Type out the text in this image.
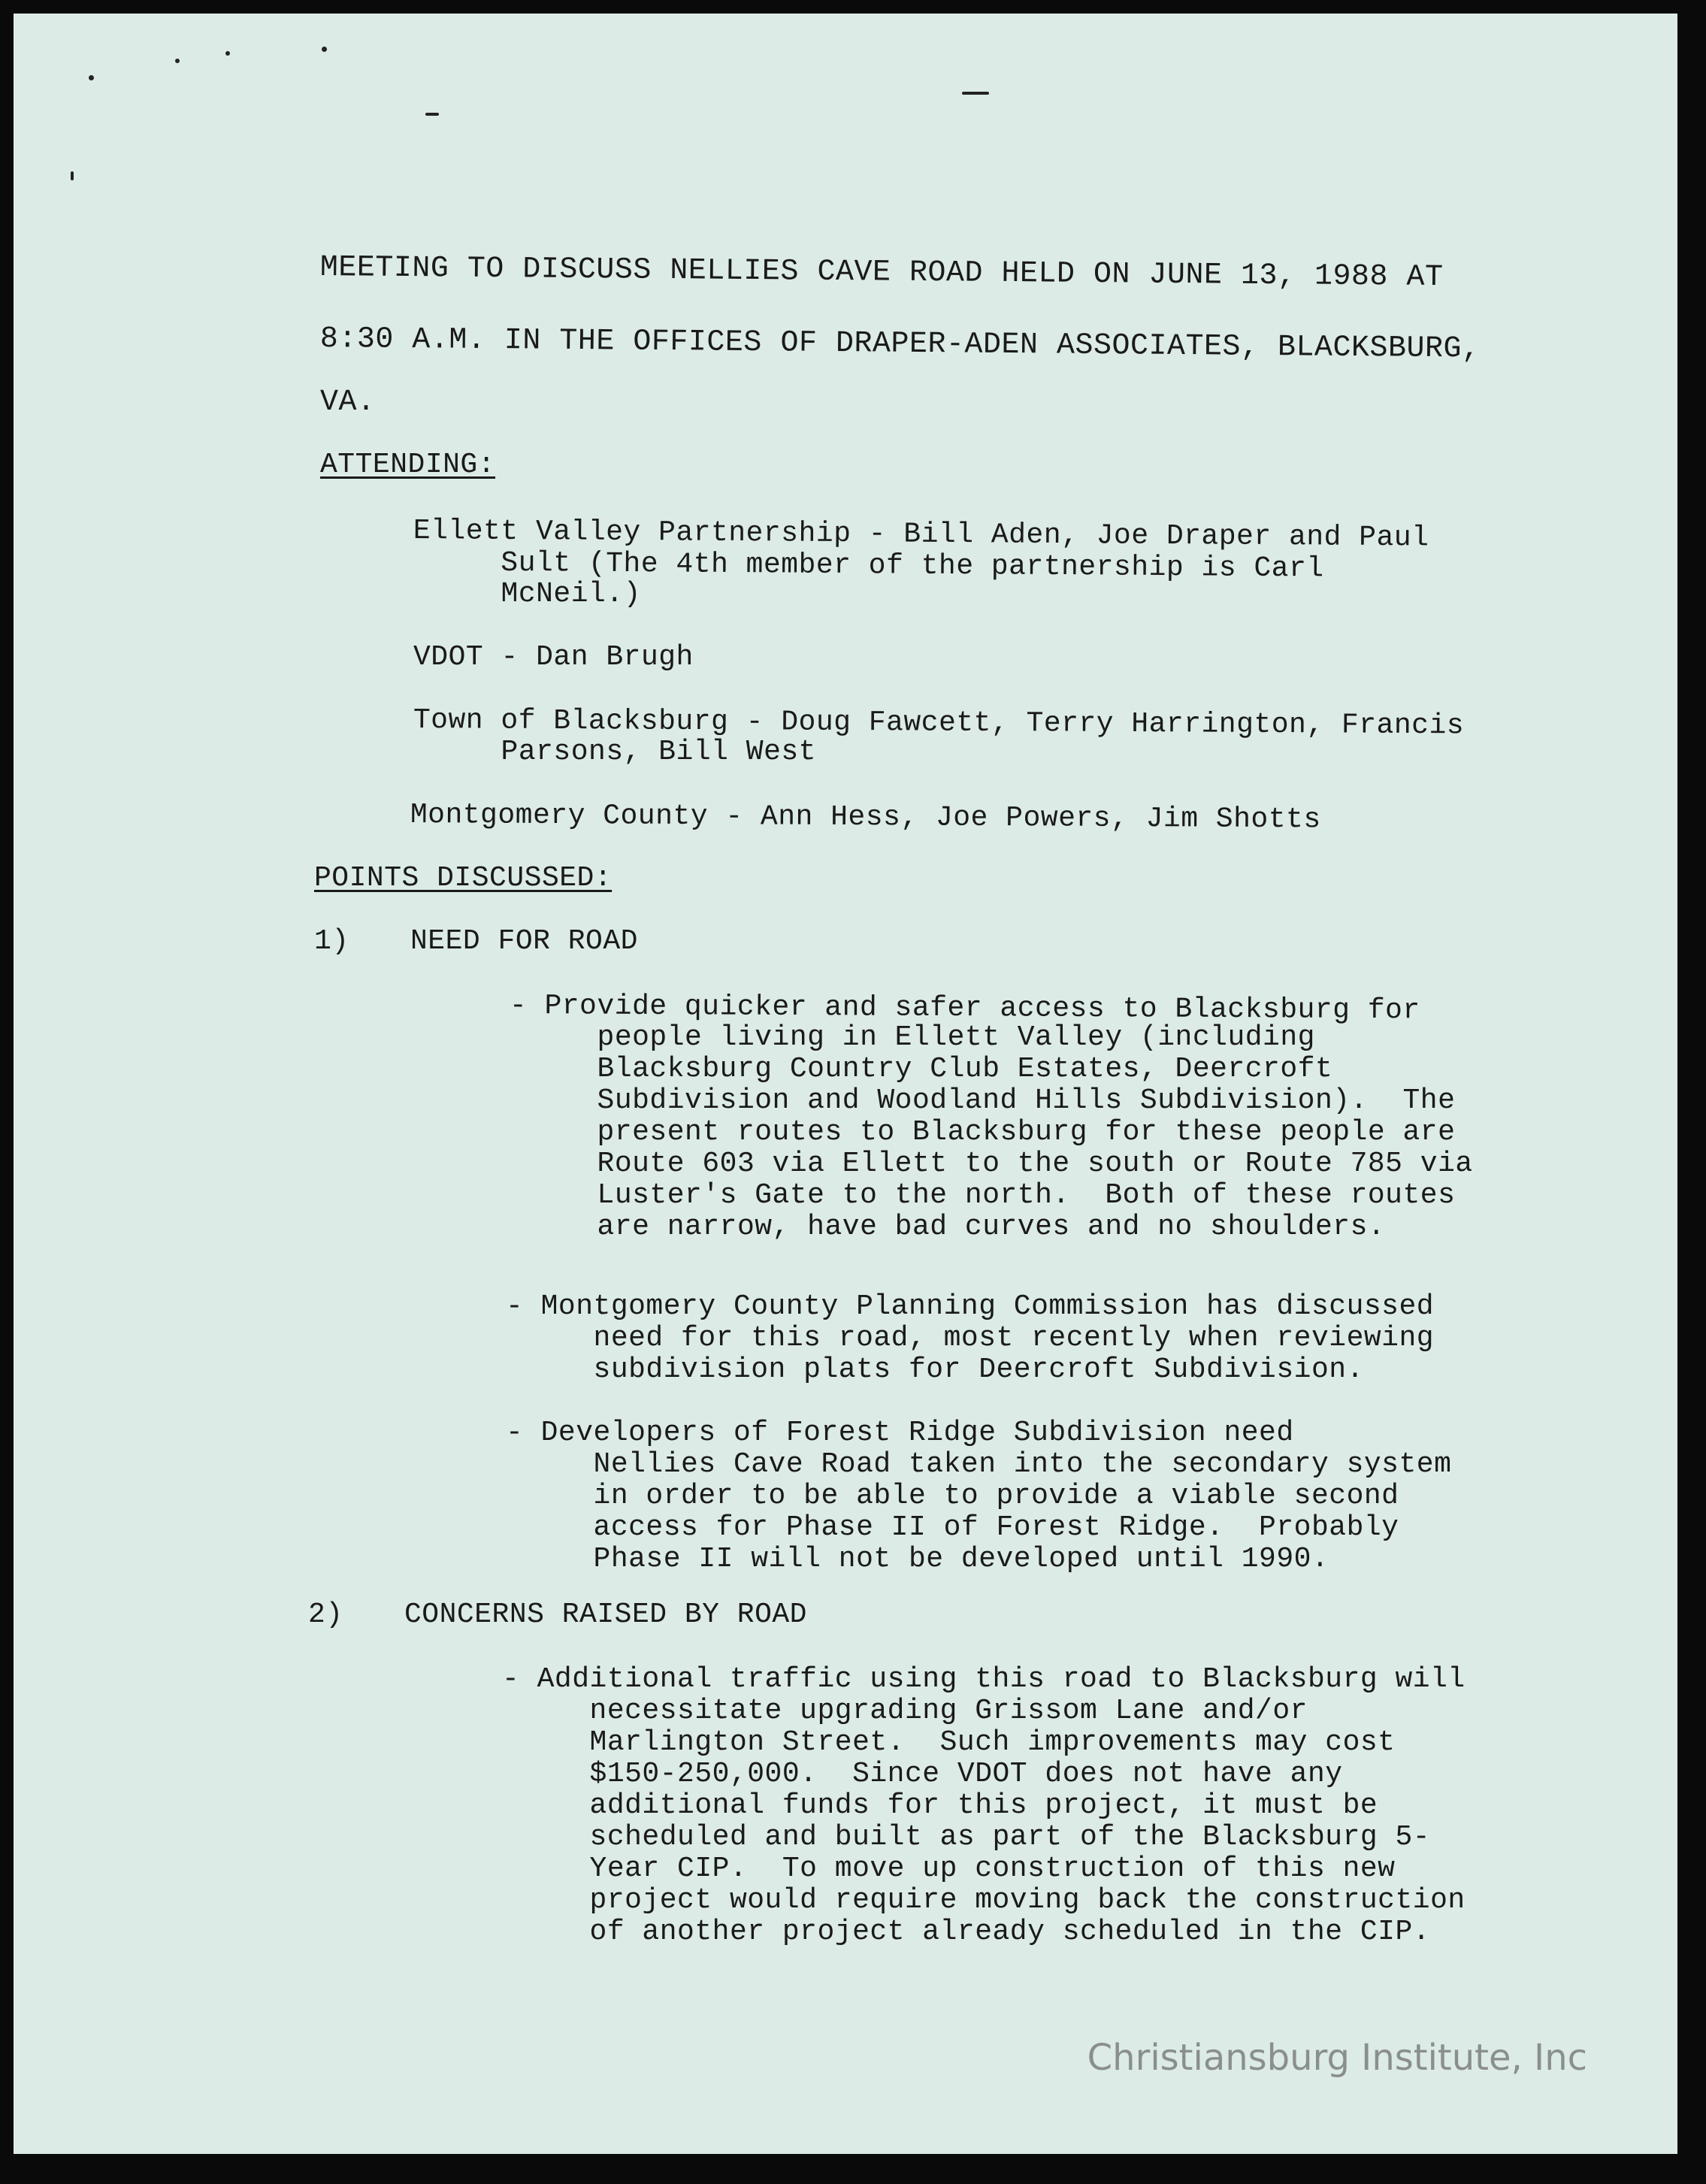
MEETING TO DISCUSS NELLIES CAVE ROAD HELD ON JUNE 13, 1988 AT
8:30 A.M. IN THE OFFICES OF DRAPER-ADEN ASSOCIATES, BLACKSBURG,
VA.
ATTENDING:
Ellett Valley Partnership - Bill Aden, Joe Draper and Paul
Sult (The 4th member of the partnership is Carl
McNeil.)
VDOT - Dan Brugh
Town of Blacksburg - Doug Fawcett, Terry Harrington, Francis
Parsons, Bill West
Montgomery County - Ann Hess, Joe Powers, Jim Shotts
POINTS DISCUSSED:
1) NEED FOR ROAD
- Provide quicker and safer access to Blacksburg for
people living in Ellett Valley (including
Blacksburg Country Club Estates, Deercroft
Subdivision and Woodland Hills Subdivision).  The
present routes to Blacksburg for these people are
Route 603 via Ellett to the south or Route 785 via
Luster's Gate to the north.  Both of these routes
are narrow, have bad curves and no shoulders.
- Montgomery County Planning Commission has discussed
need for this road, most recently when reviewing
subdivision plats for Deercroft Subdivision.
- Developers of Forest Ridge Subdivision need
Nellies Cave Road taken into the secondary system
in order to be able to provide a viable second
access for Phase II of Forest Ridge.  Probably
Phase II will not be developed until 1990.
2) CONCERNS RAISED BY ROAD
- Additional traffic using this road to Blacksburg will
necessitate upgrading Grissom Lane and/or
Marlington Street.  Such improvements may cost
$150-250,000.  Since VDOT does not have any
additional funds for this project, it must be
scheduled and built as part of the Blacksburg 5-
Year CIP.  To move up construction of this new
project would require moving back the construction
of another project already scheduled in the CIP.
Christiansburg Institute, Inc
